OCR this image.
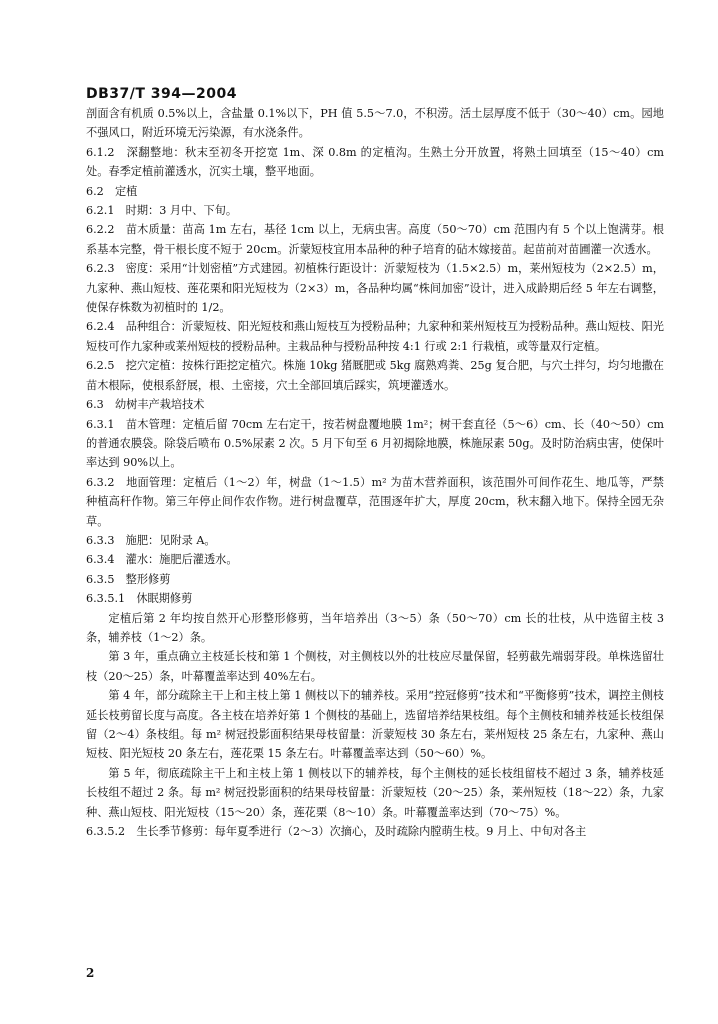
DB37/T 394—2004

剖面含有机质 0.5%以上，含盐量 0.1%以下，PH 值 5.5～7.0，不积涝。活土层厚度不低于（30～40）cm。园地不强风口，附近环境无污染源，有水浇条件。

6.1.2　深翻整地：秋末至初冬开挖宽 1m、深 0.8m 的定植沟。生熟土分开放置，将熟土回填至（15～40）cm 处。春季定植前灌透水，沉实土壤，整平地面。

6.2　定植

6.2.1　时期：3 月中、下旬。

6.2.2　苗木质量：苗高 1m 左右，基径 1cm 以上，无病虫害。高度（50～70）cm 范围内有 5 个以上饱满芽。根系基本完整，骨干根长度不短于 20cm。沂蒙短枝宜用本品种的种子培育的砧木嫁接苗。起苗前对苗圃灌一次透水。

6.2.3　密度：采用“计划密植”方式建园。初植株行距设计：沂蒙短枝为（1.5×2.5）m，莱州短枝为（2×2.5）m，九家种、燕山短枝、莲花栗和阳光短枝为（2×3）m，各品种均属“株间加密”设计，进入成龄期后经 5 年左右调整，使保存株数为初植时的 1/2。

6.2.4　品种组合：沂蒙短枝、阳光短枝和燕山短枝互为授粉品种；九家种和莱州短枝互为授粉品种。燕山短枝、阳光短枝可作九家种或莱州短枝的授粉品种。主栽品种与授粉品种按 4:1 行或 2:1 行栽植，或等量双行定植。

6.2.5　挖穴定植：按株行距挖定植穴。株施 10kg 猪厩肥或 5kg 腐熟鸡粪、25g 复合肥，与穴土拌匀，均匀地撒在苗木根际，使根系舒展，根、土密接，穴土全部回填后踩实，筑埂灌透水。

6.3　幼树丰产栽培技术

6.3.1　苗木管理：定植后留 70cm 左右定干，按若树盘覆地膜 1m²；树干套直径（5～6）cm、长（40～50）cm 的普通农膜袋。除袋后喷布 0.5%尿素 2 次。5 月下旬至 6 月初揭除地膜，株施尿素 50g。及时防治病虫害，使保叶率达到 90%以上。

6.3.2　地面管理：定植后（1～2）年，树盘（1～1.5）m² 为苗木营养面积，该范围外可间作花生、地瓜等，严禁种植高秆作物。第三年停止间作农作物。进行树盘覆草，范围逐年扩大，厚度 20cm，秋末翻入地下。保持全园无杂草。

6.3.3　施肥：见附录 A。

6.3.4　灌水：施肥后灌透水。

6.3.5　整形修剪

6.3.5.1　休眠期修剪

定植后第 2 年均按自然开心形整形修剪，当年培养出（3～5）条（50～70）cm 长的壮枝，从中选留主枝 3 条，辅养枝（1～2）条。

第 3 年，重点确立主枝延长枝和第 1 个侧枝，对主侧枝以外的壮枝应尽量保留，轻剪截先端弱芽段。单株选留壮枝（20～25）条，叶幕覆盖率达到 40%左右。

第 4 年，部分疏除主干上和主枝上第 1 侧枝以下的辅养枝。采用“控冠修剪”技术和“平衡修剪”技术，调控主侧枝延长枝剪留长度与高度。各主枝在培养好第 1 个侧枝的基础上，选留培养结果枝组。每个主侧枝和辅养枝延长枝组保留（2～4）条枝组。每 m² 树冠投影面积结果母枝留量：沂蒙短枝 30 条左右，莱州短枝 25 条左右，九家种、燕山短枝、阳光短枝 20 条左右，莲花栗 15 条左右。叶幕覆盖率达到（50～60）%。

第 5 年，彻底疏除主干上和主枝上第 1 侧枝以下的辅养枝，每个主侧枝的延长枝组留枝不超过 3 条，辅养枝延长枝组不超过 2 条。每 m² 树冠投影面积的结果母枝留量：沂蒙短枝（20～25）条，莱州短枝（18～22）条，九家种、燕山短枝、阳光短枝（15～20）条，莲花栗（8～10）条。叶幕覆盖率达到（70～75）%。

6.3.5.2　生长季节修剪：每年夏季进行（2～3）次摘心，及时疏除内膛萌生枝。9 月上、中旬对各主

2
